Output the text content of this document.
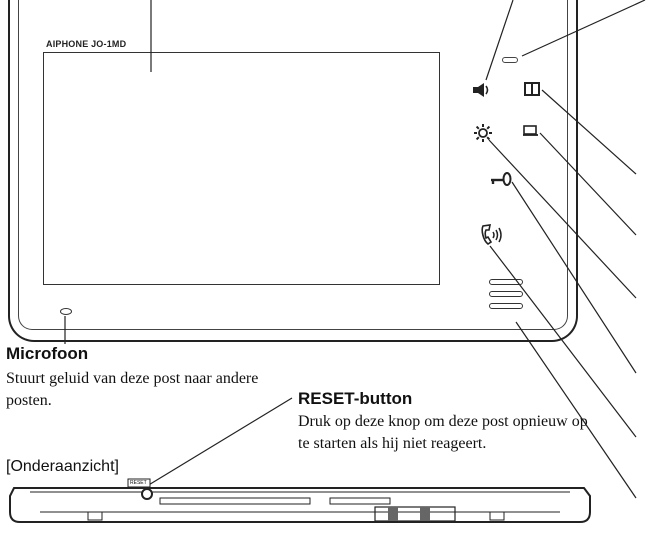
AIPHONE JO-1MD
Microfoon
Stuurt geluid van deze post naar andere posten.	RESET-button
Druk op deze knop om deze post opnieuw op te starten als hij niet reageert.
[Onderaanzicht]
RESET
